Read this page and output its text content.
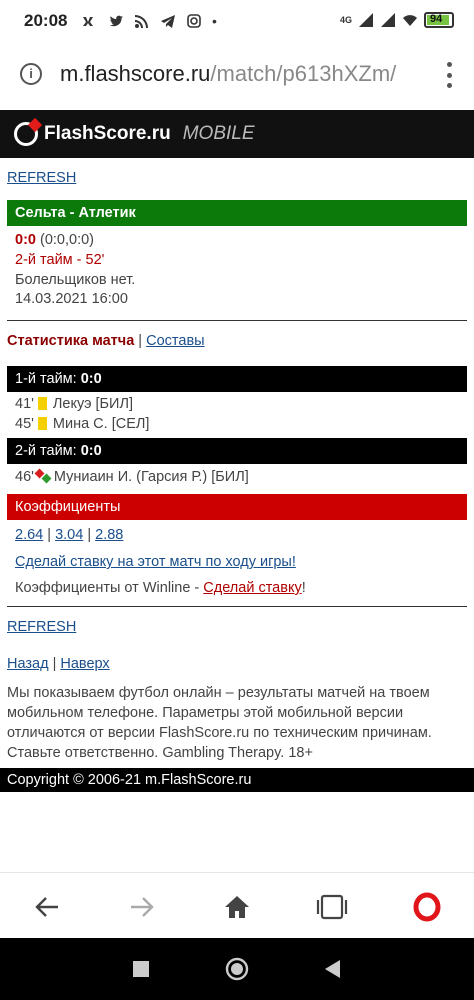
20:08	•	4G	94
i	m.flashscore.ru/match/p613hXZm/
FlashScore.ru MOBILE
REFRESH
Сельта - Атлетик
0:0 (0:0,0:0)
2-й тайм - 52'
Болельщиков нет.
14.03.2021 16:00
Статистика матча | Составы
1-й тайм: 0:0
41' Лекуэ [БИЛ]
45' Мина С. [СЕЛ]
2-й тайм: 0:0
46' Муниаин И. (Гарсия Р.) [БИЛ]
Коэффициенты
2.64 | 3.04 | 2.88
Сделай ставку на этот матч по ходу игры!
Коэффициенты от Winline - Сделай ставку!
REFRESH
Назад | Наверх
Мы показываем футбол онлайн – результаты матчей на твоем мобильном телефоне. Параметры этой мобильной версии отличаются от версии FlashScore.ru по техническим причинам. Ставьте ответственно. Gambling Therapy. 18+
Copyright © 2006-21 m.FlashScore.ru
